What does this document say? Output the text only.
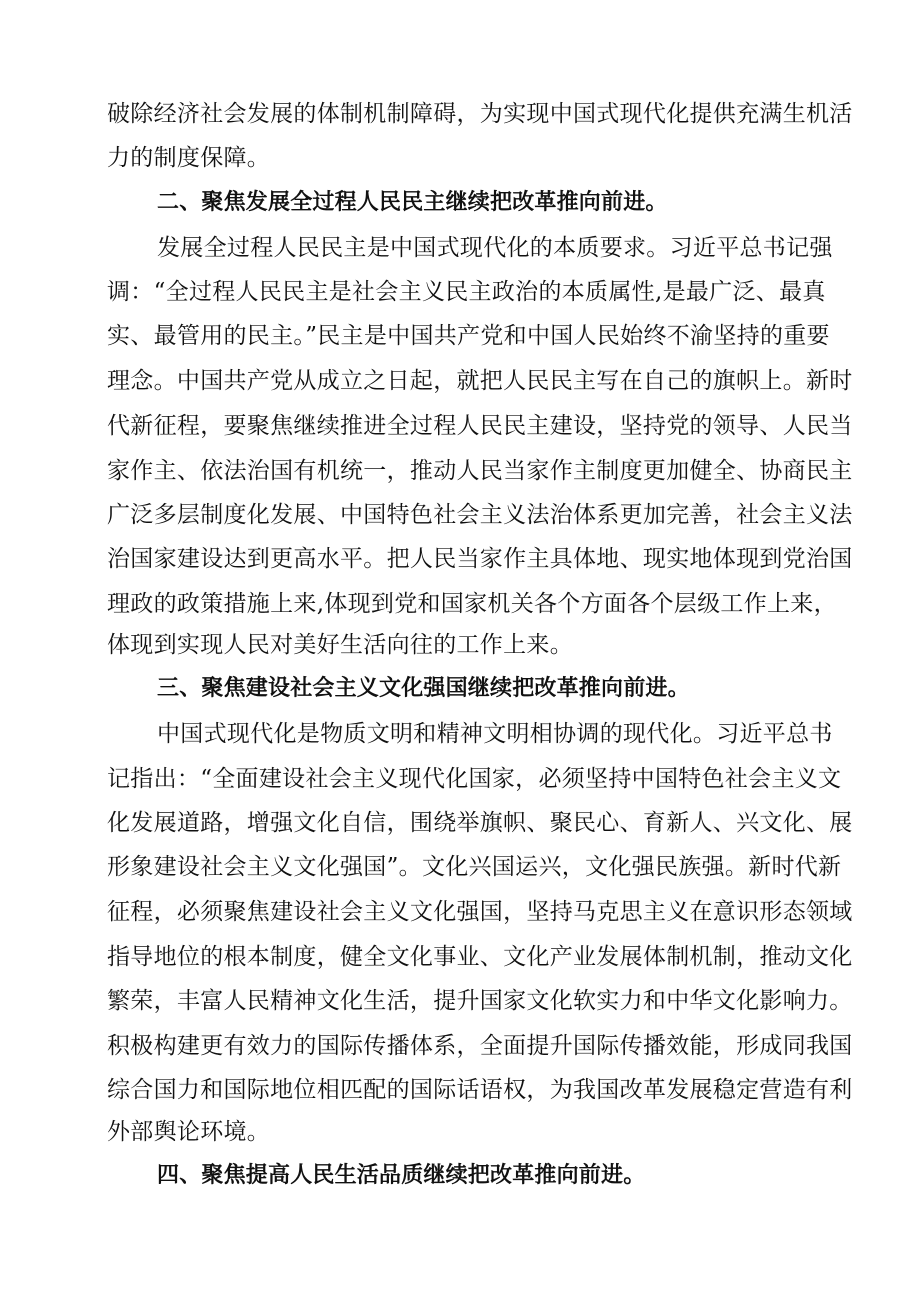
破除经济社会发展的体制机制障碍，为实现中国式现代化提供充满生机活
力的制度保障。
二、聚焦发展全过程人民民主继续把改革推向前进。
发展全过程人民民主是中国式现代化的本质要求。习近平总书记强
调：“全过程人民民主是社会主义民主政治的本质属性,是最广泛、最真
实、最管用的民主。”民主是中国共产党和中国人民始终不渝坚持的重要
理念。中国共产党从成立之日起，就把人民民主写在自己的旗帜上。新时
代新征程，要聚焦继续推进全过程人民民主建设，坚持党的领导、人民当
家作主、依法治国有机统一，推动人民当家作主制度更加健全、协商民主
广泛多层制度化发展、中国特色社会主义法治体系更加完善，社会主义法
治国家建设达到更高水平。把人民当家作主具体地、现实地体现到党治国
理政的政策措施上来,体现到党和国家机关各个方面各个层级工作上来，
体现到实现人民对美好生活向往的工作上来。
三、聚焦建设社会主义文化强国继续把改革推向前进。
中国式现代化是物质文明和精神文明相协调的现代化。习近平总书
记指出：“全面建设社会主义现代化国家，必须坚持中国特色社会主义文
化发展道路，增强文化自信，围绕举旗帜、聚民心、育新人、兴文化、展
形象建设社会主义文化强国”。文化兴国运兴，文化强民族强。新时代新
征程，必须聚焦建设社会主义文化强国，坚持马克思主义在意识形态领域
指导地位的根本制度，健全文化事业、文化产业发展体制机制，推动文化
繁荣，丰富人民精神文化生活，提升国家文化软实力和中华文化影响力。
积极构建更有效力的国际传播体系，全面提升国际传播效能，形成同我国
综合国力和国际地位相匹配的国际话语权，为我国改革发展稳定营造有利
外部舆论环境。
四、聚焦提高人民生活品质继续把改革推向前进。
